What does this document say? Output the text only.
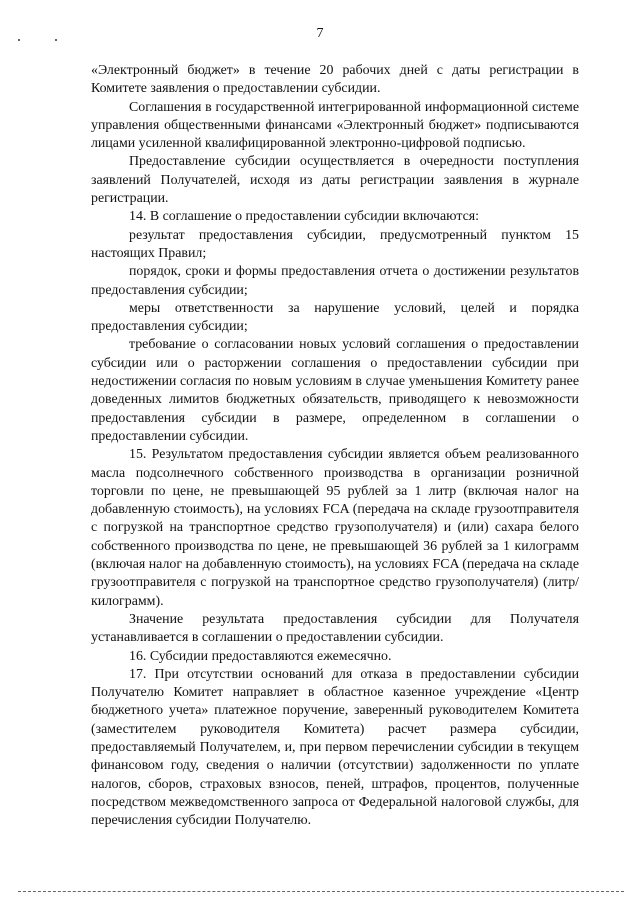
7

«Электронный бюджет» в течение 20 рабочих дней с даты регистрации в Комитете заявления о предоставлении субсидии.

Соглашения в государственной интегрированной информационной системе управления общественными финансами «Электронный бюджет» подписываются лицами усиленной квалифицированной электронно-цифровой подписью.

Предоставление субсидии осуществляется в очередности поступления заявлений Получателей, исходя из даты регистрации заявления в журнале регистрации.

14. В соглашение о предоставлении субсидии включаются:

результат предоставления субсидии, предусмотренный пунктом 15 настоящих Правил;

порядок, сроки и формы предоставления отчета о достижении результатов предоставления субсидии;

меры ответственности за нарушение условий, целей и порядка предоставления субсидии;

требование о согласовании новых условий соглашения о предоставлении субсидии или о расторжении соглашения о предоставлении субсидии при недостижении согласия по новым условиям в случае уменьшения Комитету ранее доведенных лимитов бюджетных обязательств, приводящего к невозможности предоставления субсидии в размере, определенном в соглашении о предоставлении субсидии.

15. Результатом предоставления субсидии является объем реализованного масла подсолнечного собственного производства в организации розничной торговли по цене, не превышающей 95 рублей за 1 литр (включая налог на добавленную стоимость), на условиях FCA (передача на складе грузоотправителя с погрузкой на транспортное средство грузополучателя) и (или) сахара белого собственного производства по цене, не превышающей 36 рублей за 1 килограмм (включая налог на добавленную стоимость), на условиях FCA (передача на складе грузоотправителя с погрузкой на транспортное средство грузополучателя) (литр/килограмм).

Значение результата предоставления субсидии для Получателя устанавливается в соглашении о предоставлении субсидии.

16. Субсидии предоставляются ежемесячно.

17. При отсутствии оснований для отказа в предоставлении субсидии Получателю Комитет направляет в областное казенное учреждение «Центр бюджетного учета» платежное поручение, заверенный руководителем Комитета (заместителем руководителя Комитета) расчет размера субсидии, предоставляемый Получателем, и, при первом перечислении субсидии в текущем финансовом году, сведения о наличии (отсутствии) задолженности по уплате налогов, сборов, страховых взносов, пеней, штрафов, процентов, полученные посредством межведомственного запроса от Федеральной налоговой службы, для перечисления субсидии Получателю.
